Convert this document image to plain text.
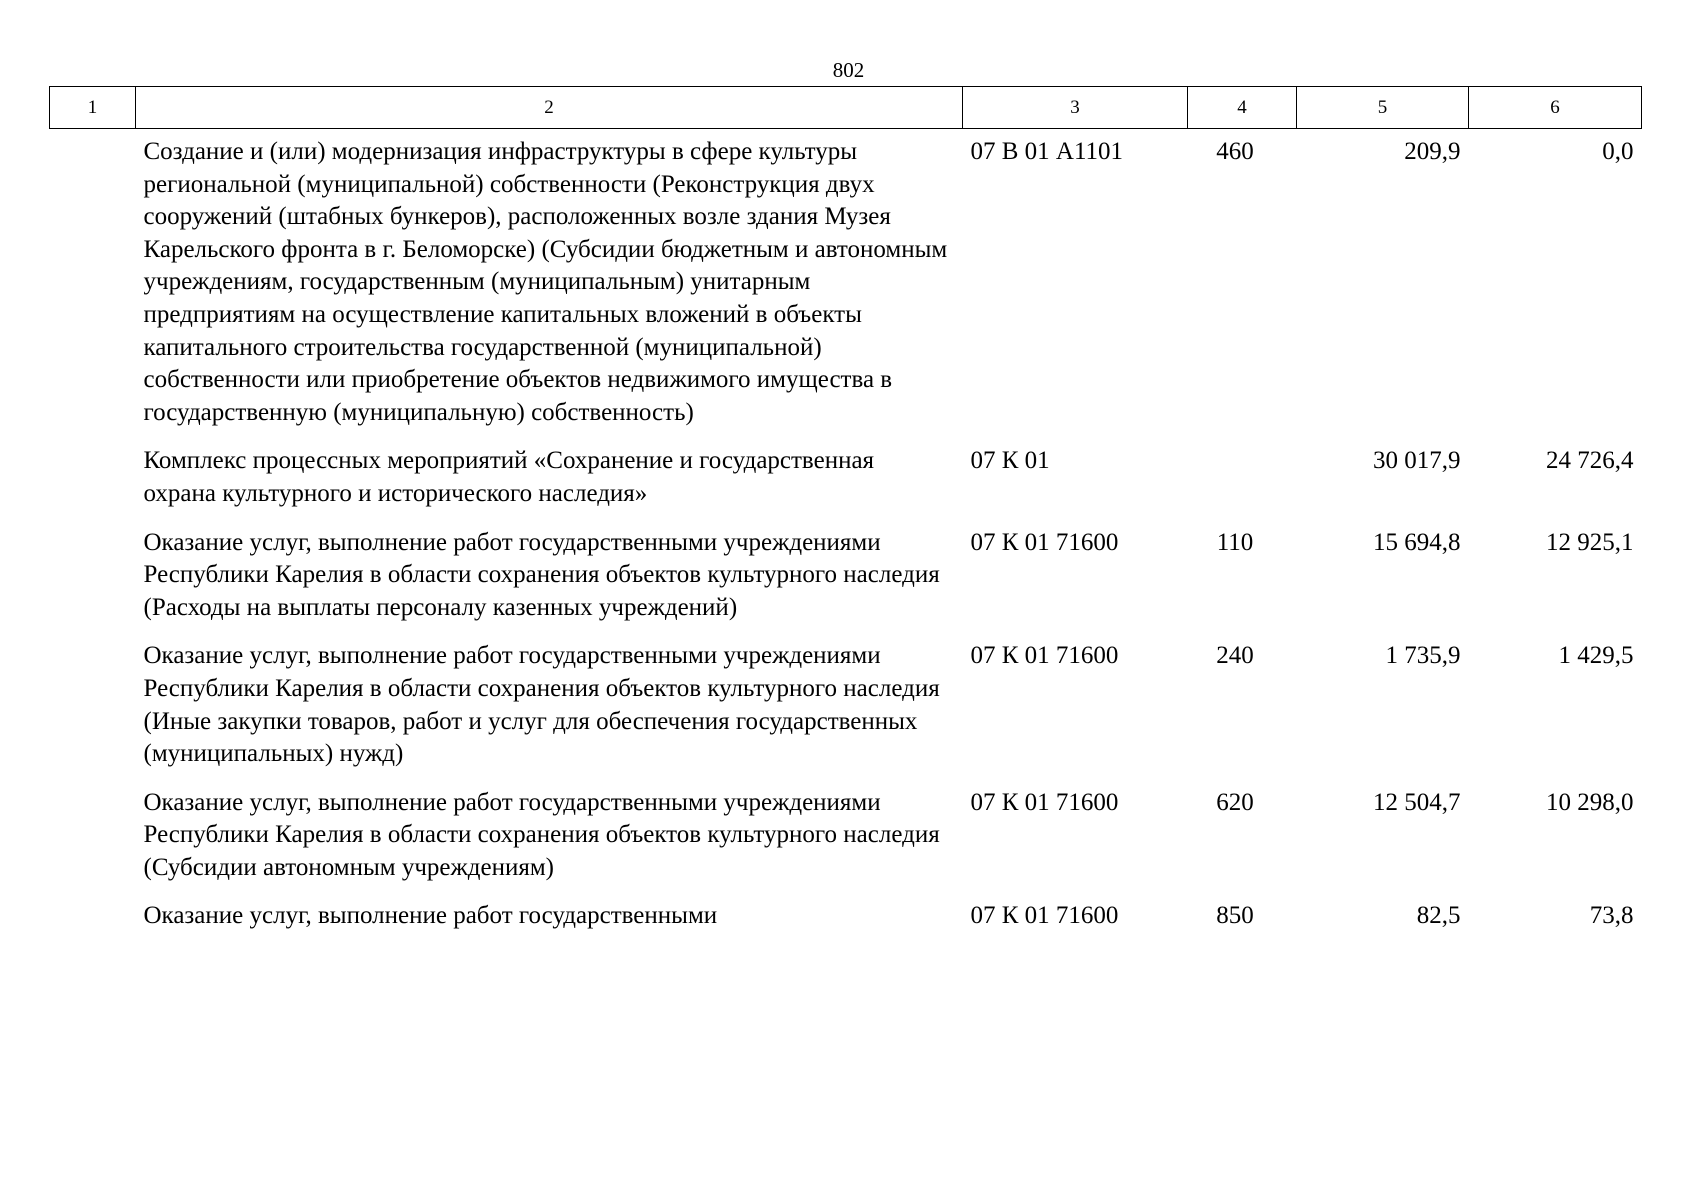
802
1	2	3	4	5	6
	Создание и (или) модернизация инфраструктуры в сфере культуры региональной (муниципальной) собственности (Реконструкция двух сооружений (штабных бункеров), расположенных возле здания Музея Карельского фронта в г. Беломорске) (Субсидии бюджетным и автономным учреждениям, государственным (муниципальным) унитарным предприятиям на осуществление капитальных вложений в объекты капитального строительства государственной (муниципальной) собственности или приобретение объектов недвижимого имущества в государственную (муниципальную) собственность)	07 В 01 А1101	460	209,9	0,0
	Комплекс процессных мероприятий «Сохранение и государственная охрана культурного и исторического наследия»	07 К 01		30 017,9	24 726,4
	Оказание услуг, выполнение работ государственными учреждениями Республики Карелия в области сохранения объектов культурного наследия (Расходы на выплаты персоналу казенных учреждений)	07 К 01 71600	110	15 694,8	12 925,1
	Оказание услуг, выполнение работ государственными учреждениями Республики Карелия в области сохранения объектов культурного наследия (Иные закупки товаров, работ и услуг для обеспечения государственных (муниципальных) нужд)	07 К 01 71600	240	1 735,9	1 429,5
	Оказание услуг, выполнение работ государственными учреждениями Республики Карелия в области сохранения объектов культурного наследия (Субсидии автономным учреждениям)	07 К 01 71600	620	12 504,7	10 298,0
	Оказание услуг, выполнение работ государственными	07 К 01 71600	850	82,5	73,8
